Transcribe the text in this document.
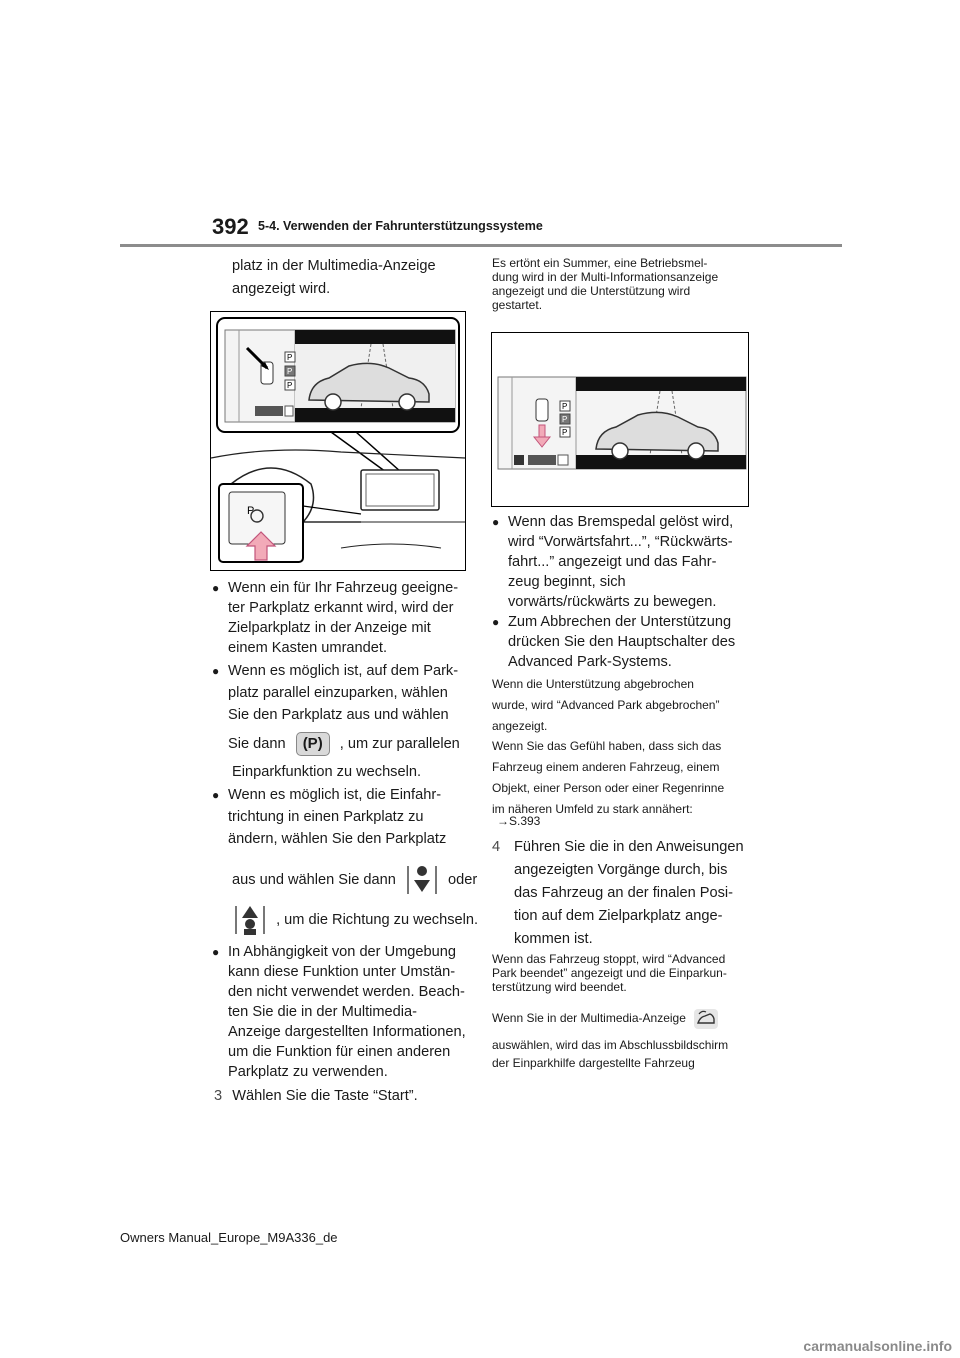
392 5-4. Verwenden der Fahrunterstützungssysteme
platz in der Multimedia-Anzeige
angezeigt wird.
P
P
P
P
● Wenn ein für Ihr Fahrzeug geeigne-
ter Parkplatz erkannt wird, wird der
Zielparkplatz in der Anzeige mit
einem Kasten umrandet.
● Wenn es möglich ist, auf dem Park-
platz parallel einzuparken, wählen
Sie den Parkplatz aus und wählen
Sie dann (P) , um zur parallelen
Einparkfunktion zu wechseln.
● Wenn es möglich ist, die Einfahr-
trichtung in einen Parkplatz zu
ändern, wählen Sie den Parkplatz
aus und wählen Sie dann	oder
, um die Richtung zu wechseln.
● In Abhängigkeit von der Umgebung
kann diese Funktion unter Umstän-
den nicht verwendet werden. Beach-
ten Sie die in der Multimedia-
Anzeige dargestellten Informationen,
um die Funktion für einen anderen
Parkplatz zu verwenden.
3 Wählen Sie die Taste “Start”.
Es ertönt ein Summer, eine Betriebsmel-
dung wird in der Multi-Informationsanzeige
angezeigt und die Unterstützung wird
gestartet.
P
P
P
● Wenn das Bremspedal gelöst wird,
wird “Vorwärtsfahrt...”, “Rückwärts-
fahrt...” angezeigt und das Fahr-
zeug beginnt, sich
vorwärts/rückwärts zu bewegen.
● Zum Abbrechen der Unterstützung
drücken Sie den Hauptschalter des
Advanced Park-Systems.
Wenn die Unterstützung abgebrochen
wurde, wird “Advanced Park abgebrochen”
angezeigt.
Wenn Sie das Gefühl haben, dass sich das
Fahrzeug einem anderen Fahrzeug, einem
Objekt, einer Person oder einer Regenrinne
im näheren Umfeld zu stark annähert:
→S.393
4 Führen Sie die in den Anweisungen
angezeigten Vorgänge durch, bis
das Fahrzeug an der finalen Posi-
tion auf dem Zielparkplatz ange-
kommen ist.
Wenn das Fahrzeug stoppt, wird “Advanced
Park beendet” angezeigt und die Einparkun-
terstützung wird beendet.
Wenn Sie in der Multimedia-Anzeige
auswählen, wird das im Abschlussbildschirm
der Einparkhilfe dargestellte Fahrzeug
Owners Manual_Europe_M9A336_de
carmanualsonline.info
